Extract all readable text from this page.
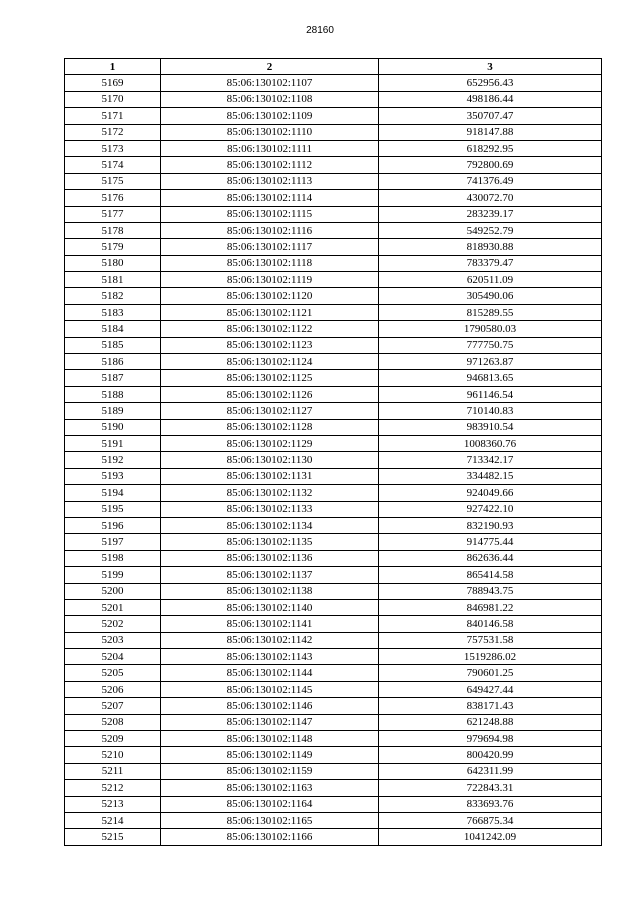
28160
1	2	3
5169	85:06:130102:1107	652956.43
5170	85:06:130102:1108	498186.44
5171	85:06:130102:1109	350707.47
5172	85:06:130102:1110	918147.88
5173	85:06:130102:1111	618292.95
5174	85:06:130102:1112	792800.69
5175	85:06:130102:1113	741376.49
5176	85:06:130102:1114	430072.70
5177	85:06:130102:1115	283239.17
5178	85:06:130102:1116	549252.79
5179	85:06:130102:1117	818930.88
5180	85:06:130102:1118	783379.47
5181	85:06:130102:1119	620511.09
5182	85:06:130102:1120	305490.06
5183	85:06:130102:1121	815289.55
5184	85:06:130102:1122	1790580.03
5185	85:06:130102:1123	777750.75
5186	85:06:130102:1124	971263.87
5187	85:06:130102:1125	946813.65
5188	85:06:130102:1126	961146.54
5189	85:06:130102:1127	710140.83
5190	85:06:130102:1128	983910.54
5191	85:06:130102:1129	1008360.76
5192	85:06:130102:1130	713342.17
5193	85:06:130102:1131	334482.15
5194	85:06:130102:1132	924049.66
5195	85:06:130102:1133	927422.10
5196	85:06:130102:1134	832190.93
5197	85:06:130102:1135	914775.44
5198	85:06:130102:1136	862636.44
5199	85:06:130102:1137	865414.58
5200	85:06:130102:1138	788943.75
5201	85:06:130102:1140	846981.22
5202	85:06:130102:1141	840146.58
5203	85:06:130102:1142	757531.58
5204	85:06:130102:1143	1519286.02
5205	85:06:130102:1144	790601.25
5206	85:06:130102:1145	649427.44
5207	85:06:130102:1146	838171.43
5208	85:06:130102:1147	621248.88
5209	85:06:130102:1148	979694.98
5210	85:06:130102:1149	800420.99
5211	85:06:130102:1159	642311.99
5212	85:06:130102:1163	722843.31
5213	85:06:130102:1164	833693.76
5214	85:06:130102:1165	766875.34
5215	85:06:130102:1166	1041242.09
